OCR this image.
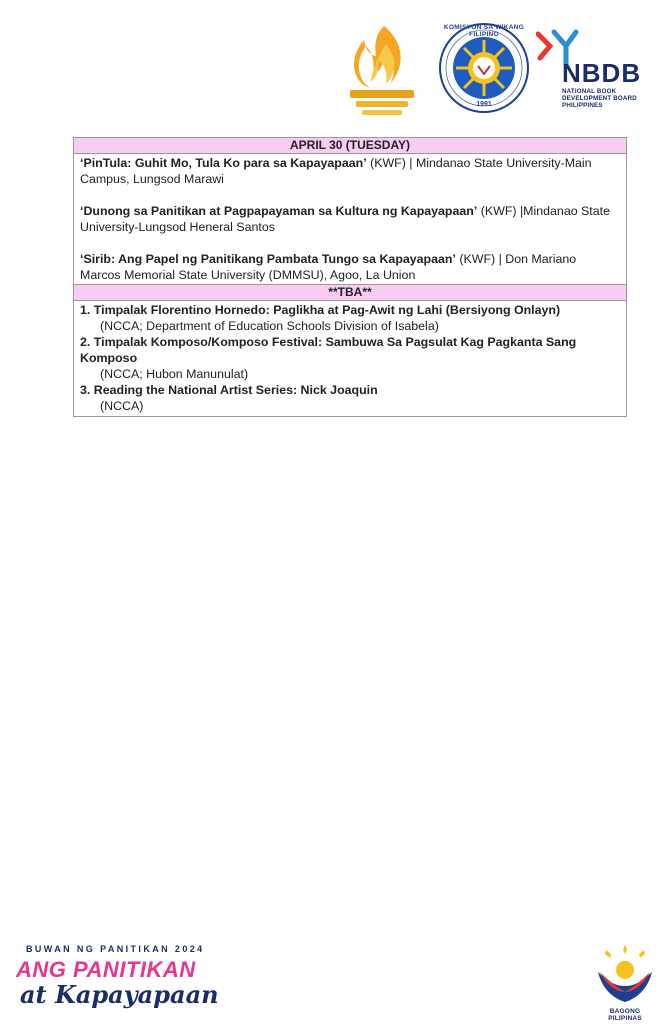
KOMISYON SA WIKANG FILIPINO
1991
NBDB
NATIONAL BOOK
DEVELOPMENT BOARD
PHILIPPINES
APRIL 30 (TUESDAY)

‘PinTula: Guhit Mo, Tula Ko para sa Kapayapaan’ (KWF) | Mindanao State University-Main Campus, Lungsod Marawi

‘Dunong sa Panitikan at Pagpapayaman sa Kultura ng Kapayapaan’ (KWF) |Mindanao State University-Lungsod Heneral Santos

‘Sirib: Ang Papel ng Panitikang Pambata Tungo sa Kapayapaan’ (KWF) | Don Mariano Marcos Memorial State University (DMMSU), Agoo, La Union

**TBA**
1. Timpalak Florentino Hornedo: Paglikha at Pag-Awit ng Lahi (Bersiyong Onlayn)
(NCCA; Department of Education Schools Division of Isabela)
2. Timpalak Komposo/Komposo Festival: Sambuwa Sa Pagsulat Kag Pagkanta Sang Komposo
(NCCA; Hubon Manunulat)
3. Reading the National Artist Series: Nick Joaquin
(NCCA)
BUWAN NG PANITIKAN 2024
ANG PANITIKAN
at Kapayapaan
BAGONG PILIPINAS
